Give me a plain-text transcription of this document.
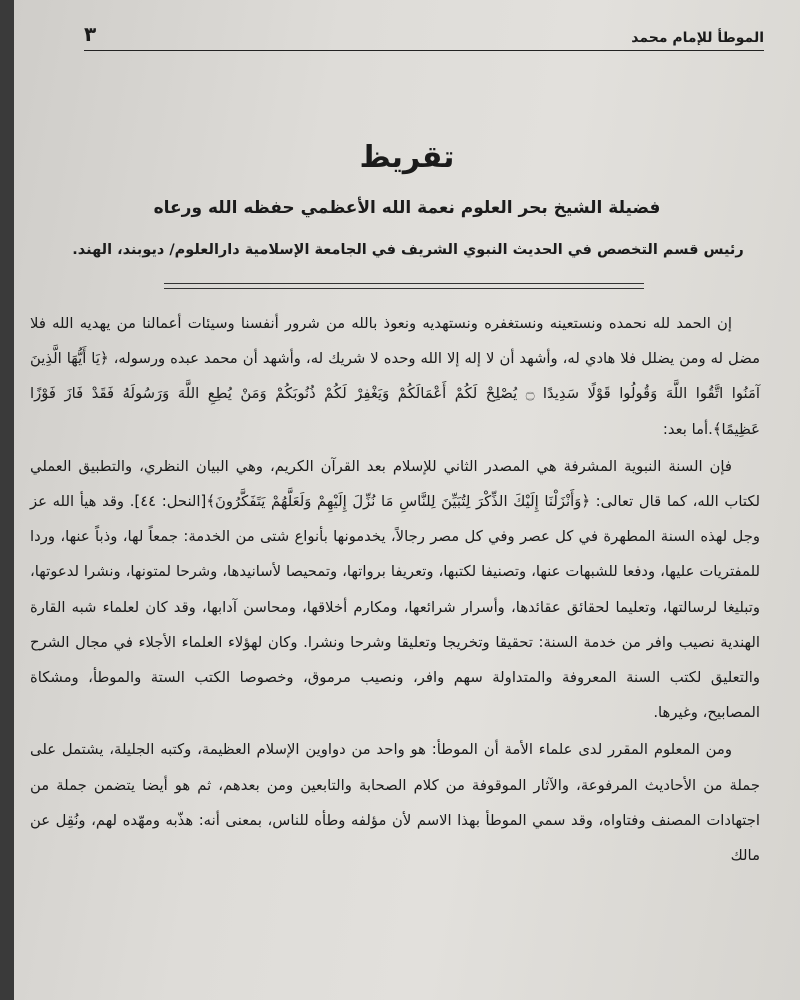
الموطأ للإمام محمد
٣
تقريظ
فضيلة الشيخ بحر العلوم نعمة الله الأعظمي حفظه الله ورعاه
رئيس قسم التخصص في الحديث النبوي الشريف في الجامعة الإسلامية دارالعلوم/ ديوبند، الهند.

إن الحمد لله نحمده ونستعينه ونستغفره ونستهديه ونعوذ بالله من شرور أنفسنا وسيئات أعمالنا من يهديه الله فلا مضل له ومن يضلل فلا هادي له، وأشهد أن لا إله إلا الله وحده لا شريك له، وأشهد أن محمد عبده ورسوله، ﴿يَا أَيُّهَا الَّذِينَ آمَنُوا اتَّقُوا اللَّهَ وَقُولُوا قَوْلًا سَدِيدًا ۝ يُصْلِحْ لَكُمْ أَعْمَالَكُمْ وَيَغْفِرْ لَكُمْ ذُنُوبَكُمْ وَمَنْ يُطِعِ اللَّهَ وَرَسُولَهُ فَقَدْ فَازَ فَوْزًا عَظِيمًا﴾.أما بعد:

فإن السنة النبوية المشرفة هي المصدر الثاني للإسلام بعد القرآن الكريم، وهي البيان النظري، والتطبيق العملي لكتاب الله، كما قال تعالى: ﴿وَأَنْزَلْنَا إِلَيْكَ الذِّكْرَ لِتُبَيِّنَ لِلنَّاسِ مَا نُزِّلَ إِلَيْهِمْ وَلَعَلَّهُمْ يَتَفَكَّرُونَ﴾[النحل: ٤٤]. وقد هيأ الله عز وجل لهذه السنة المطهرة في كل عصر وفي كل مصر رجالاً، يخدمونها بأنواع شتى من الخدمة: جمعاً لها، وذباً عنها، وردا للمفتريات عليها، ودفعا للشبهات عنها، وتصنيفا لكتبها، وتعريفا برواتها، وتمحيصا لأسانيدها، وشرحا لمتونها، ونشرا لدعوتها، وتبليغا لرسالتها، وتعليما لحقائق عقائدها، وأسرار شرائعها، ومكارم أخلاقها، ومحاسن آدابها، وقد كان لعلماء شبه القارة الهندية نصيب وافر من خدمة السنة: تحقيقا وتخريجا وتعليقا وشرحا ونشرا. وكان لهؤلاء العلماء الأجلاء في مجال الشرح والتعليق لكتب السنة المعروفة والمتداولة سهم وافر، ونصيب مرموق، وخصوصا الكتب الستة والموطأ، ومشكاة المصابيح، وغيرها.

ومن المعلوم المقرر لدى علماء الأمة أن الموطأ: هو واحد من دواوين الإسلام العظيمة، وكتبه الجليلة، يشتمل على جملة من الأحاديث المرفوعة، والآثار الموقوفة من كلام الصحابة والتابعين ومن بعدهم، ثم هو أيضا يتضمن جملة من اجتهادات المصنف وفتاواه، وقد سمي الموطأ بهذا الاسم لأن مؤلفه وطأه للناس، بمعنى أنه: هذّبه ومهّده لهم، ونُقِل عن مالك
